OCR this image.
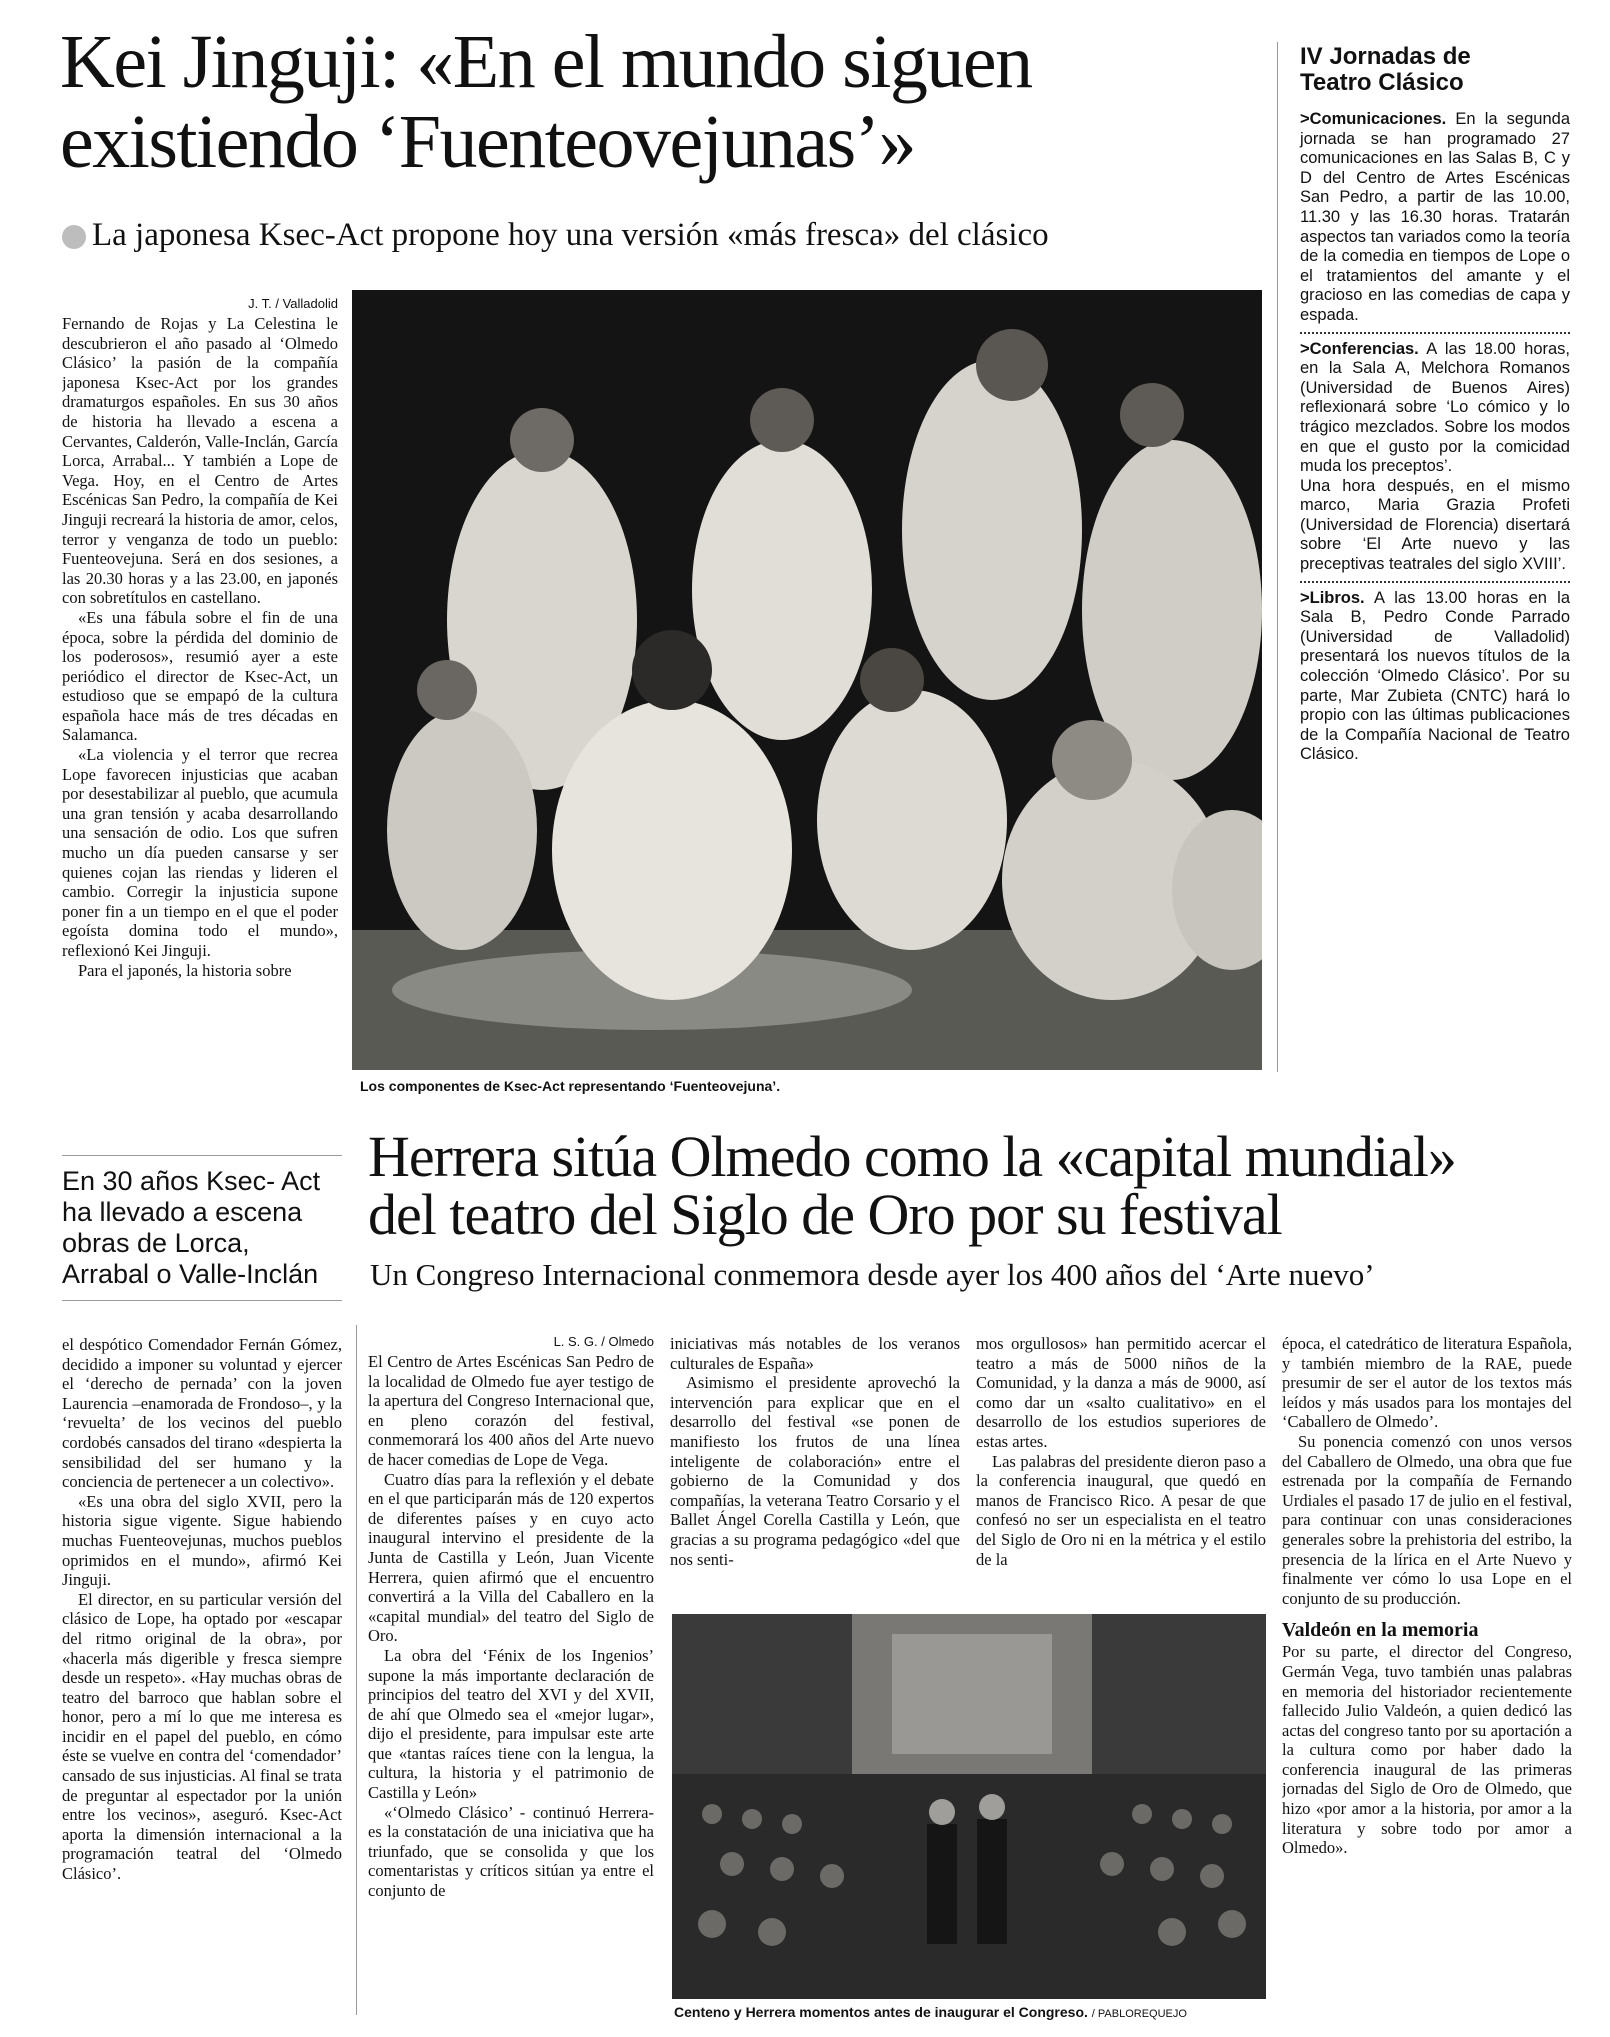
Kei Jinguji: «En el mundo siguen
existiendo ‘Fuenteovejunas’»
La japonesa Ksec-Act propone hoy una versión «más fresca» del clásico
J. T. / Valladolid

Fernando de Rojas y La Celestina le descubrieron el año pasado al ‘Olmedo Clásico’ la pasión de la compañía japonesa Ksec-Act por los grandes dramaturgos españoles. En sus 30 años de historia ha llevado a escena a Cervantes, Calderón, Valle-Inclán, García Lorca, Arrabal... Y también a Lope de Vega. Hoy, en el Centro de Artes Escénicas San Pedro, la compañía de Kei Jinguji recreará la historia de amor, celos, terror y venganza de todo un pueblo: Fuenteovejuna. Será en dos sesiones, a las 20.30 horas y a las 23.00, en japonés con sobretítulos en castellano.

«Es una fábula sobre el fin de una época, sobre la pérdida del dominio de los poderosos», resumió ayer a este periódico el director de Ksec-Act, un estudioso que se empapó de la cultura española hace más de tres décadas en Salamanca.

«La violencia y el terror que recrea Lope favorecen injusticias que acaban por desestabilizar al pueblo, que acumula una gran tensión y acaba desarrollando una sensación de odio. Los que sufren mucho un día pueden cansarse y ser quienes cojan las riendas y lideren el cambio. Corregir la injusticia supone poner fin a un tiempo en el que el poder egoísta domina todo el mundo», reflexionó Kei Jinguji.

Para el japonés, la historia sobre

Los componentes de Ksec-Act representando ‘Fuenteovejuna’.
IV Jornadas de
Teatro Clásico

>Comunicaciones. En la segunda jornada se han programado 27 comunicaciones en las Salas B, C y D del Centro de Artes Escénicas San Pedro, a partir de las 10.00, 11.30 y las 16.30 horas. Tratarán aspectos tan variados como la teoría de la comedia en tiempos de Lope o el tratamientos del amante y el gracioso en las comedias de capa y espada.

>Conferencias. A las 18.00 horas, en la Sala A, Melchora Romanos (Universidad de Buenos Aires) reflexionará sobre ‘Lo cómico y lo trágico mezclados. Sobre los modos en que el gusto por la comicidad muda los preceptos’.

Una hora después, en el mismo marco, Maria Grazia Profeti (Universidad de Florencia) disertará sobre ‘El Arte nuevo y las preceptivas teatrales del siglo XVIII’.

>Libros. A las 13.00 horas en la Sala B, Pedro Conde Parrado (Universidad de Valladolid) presentará los nuevos títulos de la colección ‘Olmedo Clásico’. Por su parte, Mar Zubieta (CNTC) hará lo propio con las últimas publicaciones de la Compañía Nacional de Teatro Clásico.

En 30 años Ksec- Act ha llevado a escena obras de Lorca, Arrabal o Valle-Inclán

el despótico Comendador Fernán Gómez, decidido a imponer su voluntad y ejercer el ‘derecho de pernada’ con la joven Laurencia –enamorada de Frondoso–, y la ‘revuelta’ de los vecinos del pueblo cordobés cansados del tirano «despierta la sensibilidad del ser humano y la conciencia de pertenecer a un colectivo».

«Es una obra del siglo XVII, pero la historia sigue vigente. Sigue habiendo muchas Fuenteovejunas, muchos pueblos oprimidos en el mundo», afirmó Kei Jinguji.

El director, en su particular versión del clásico de Lope, ha optado por «escapar del ritmo original de la obra», por «hacerla más digerible y fresca siempre desde un respeto». «Hay muchas obras de teatro del barroco que hablan sobre el honor, pero a mí lo que me interesa es incidir en el papel del pueblo, en cómo éste se vuelve en contra del ‘comendador’ cansado de sus injusticias. Al final se trata de preguntar al espectador por la unión entre los vecinos», aseguró. Ksec-Act aporta la dimensión internacional a la programación teatral del ‘Olmedo Clásico’.

Herrera sitúa Olmedo como la «capital mundial»
del teatro del Siglo de Oro por su festival
Un Congreso Internacional conmemora desde ayer los 400 años del ‘Arte nuevo’
L. S. G. / Olmedo

El Centro de Artes Escénicas San Pedro de la localidad de Olmedo fue ayer testigo de la apertura del Congreso Internacional que, en pleno corazón del festival, conmemorará los 400 años del Arte nuevo de hacer comedias de Lope de Vega.

Cuatro días para la reflexión y el debate en el que participarán más de 120 expertos de diferentes países y en cuyo acto inaugural intervino el presidente de la Junta de Castilla y León, Juan Vicente Herrera, quien afirmó que el encuentro convertirá a la Villa del Caballero en la «capital mundial» del teatro del Siglo de Oro.

La obra del ‘Fénix de los Ingenios’ supone la más importante declaración de principios del teatro del XVI y del XVII, de ahí que Olmedo sea el «mejor lugar», dijo el presidente, para impulsar este arte que «tantas raíces tiene con la lengua, la cultura, la historia y el patrimonio de Castilla y León»

«‘Olmedo Clásico’ - continuó Herrera- es la constatación de una iniciativa que ha triunfado, que se consolida y que los comentaristas y críticos sitúan ya entre el conjunto de

iniciativas más notables de los veranos culturales de España»

Asimismo el presidente aprovechó la intervención para explicar que en el desarrollo del festival «se ponen de manifiesto los frutos de una línea inteligente de colaboración» entre el gobierno de la Comunidad y dos compañías, la veterana Teatro Corsario y el Ballet Ángel Corella Castilla y León, que gracias a su programa pedagógico «del que nos senti-

mos orgullosos» han permitido acercar el teatro a más de 5000 niños de la Comunidad, y la danza a más de 9000, así como dar un «salto cualitativo» en el desarrollo de los estudios superiores de estas artes.

Las palabras del presidente dieron paso a la conferencia inaugural, que quedó en manos de Francisco Rico. A pesar de que confesó no ser un especialista en el teatro del Siglo de Oro ni en la métrica y el estilo de la

Centeno y Herrera momentos antes de inaugurar el Congreso. / PABLOREQUEJO

época, el catedrático de literatura Española, y también miembro de la RAE, puede presumir de ser el autor de los textos más leídos y más usados para los montajes del ‘Caballero de Olmedo’.

Su ponencia comenzó con unos versos del Caballero de Olmedo, una obra que fue estrenada por la compañía de Fernando Urdiales el pasado 17 de julio en el festival, para continuar con unas consideraciones generales sobre la prehistoria del estribo, la presencia de la lírica en el Arte Nuevo y finalmente ver cómo lo usa Lope en el conjunto de su producción.

Valdeón en la memoria

Por su parte, el director del Congreso, Germán Vega, tuvo también unas palabras en memoria del historiador recientemente fallecido Julio Valdeón, a quien dedicó las actas del congreso tanto por su aportación a la cultura como por haber dado la conferencia inaugural de las primeras jornadas del Siglo de Oro de Olmedo, que hizo «por amor a la historia, por amor a la literatura y sobre todo por amor a Olmedo».
